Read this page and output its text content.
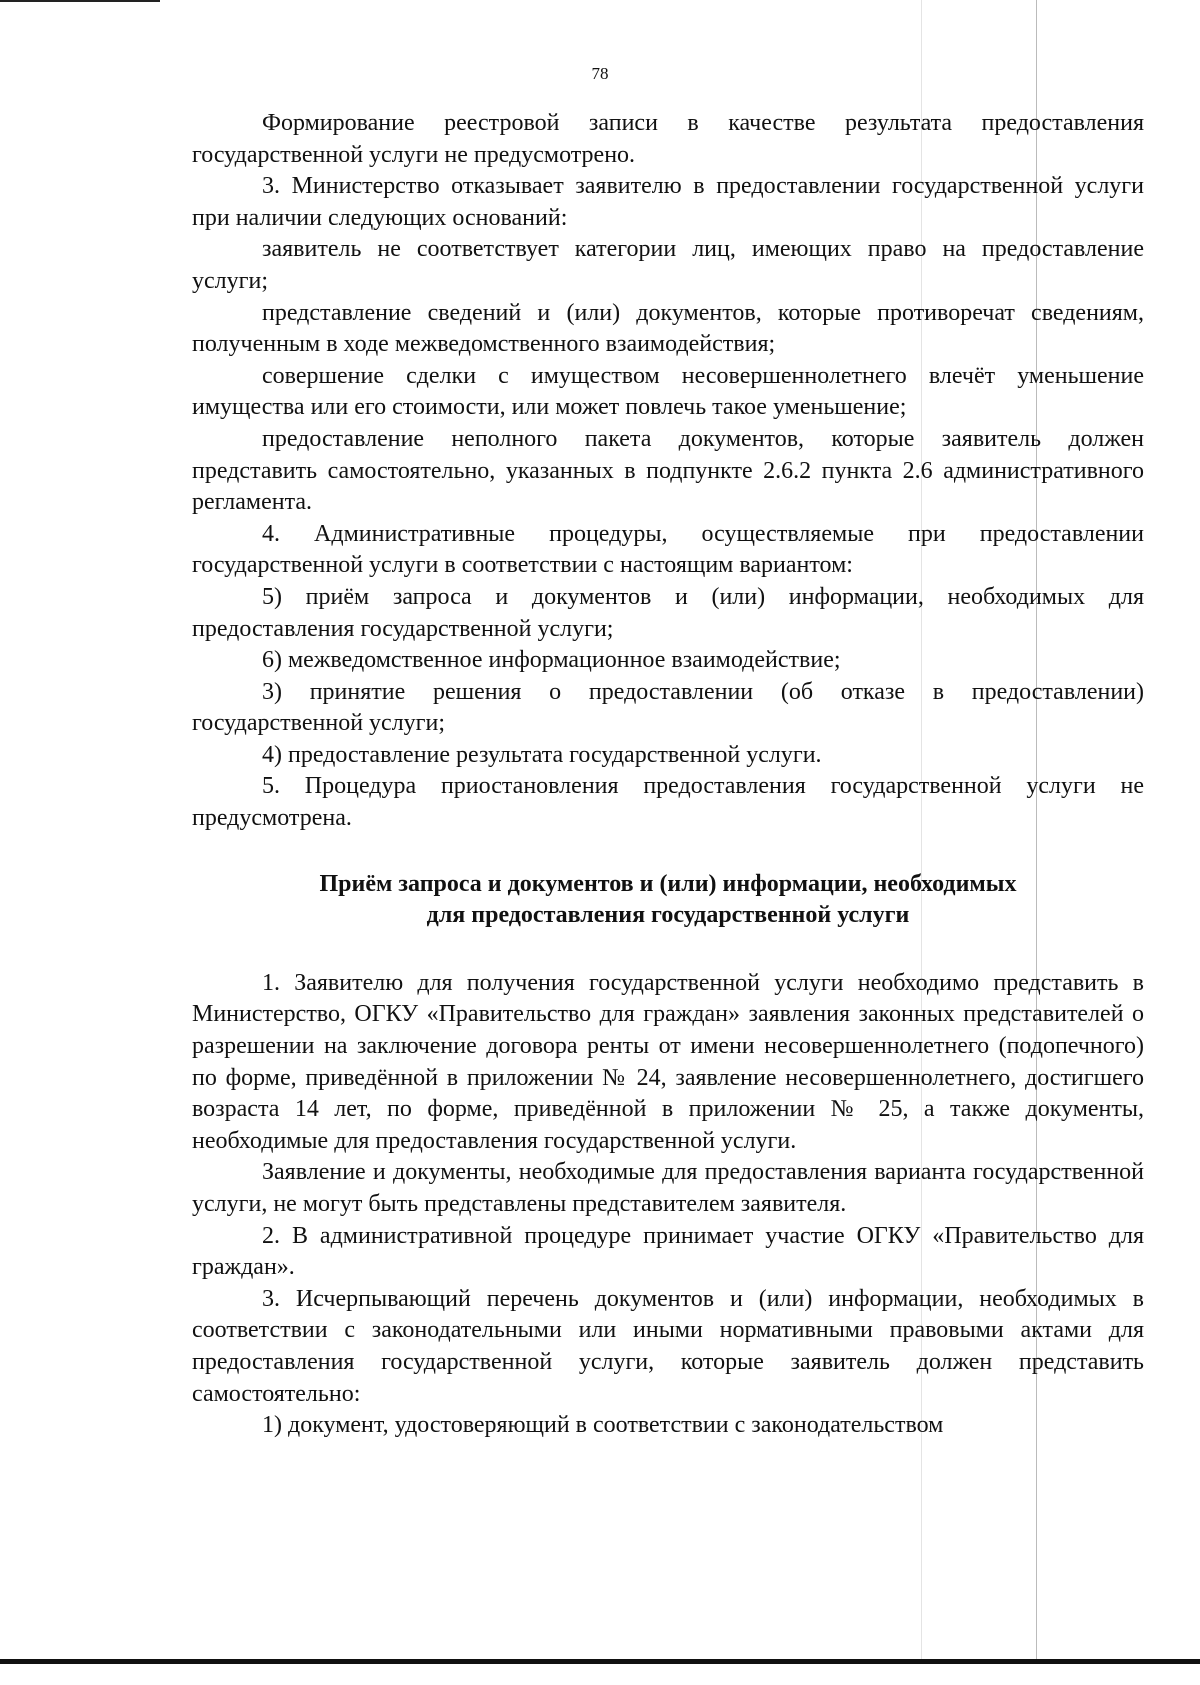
78

Формирование реестровой записи в качестве результата предоставления государственной услуги не предусмотрено.

3. Министерство отказывает заявителю в предоставлении государственной услуги при наличии следующих оснований:

заявитель не соответствует категории лиц, имеющих право на предоставление услуги;

представление сведений и (или) документов, которые противоречат сведениям, полученным в ходе межведомственного взаимодействия;

совершение сделки с имуществом несовершеннолетнего влечёт уменьшение имущества или его стоимости, или может повлечь такое уменьшение;

предоставление неполного пакета документов, которые заявитель должен представить самостоятельно, указанных в подпункте 2.6.2 пункта 2.6 административного регламента.

4. Административные процедуры, осуществляемые при предоставлении государственной услуги в соответствии с настоящим вариантом:

5) приём запроса и документов и (или) информации, необходимых для предоставления государственной услуги;

6) межведомственное информационное взаимодействие;

3) принятие решения о предоставлении (об отказе в предоставлении) государственной услуги;

4) предоставление результата государственной услуги.

5. Процедура приостановления предоставления государственной услуги не предусмотрена.

Приём запроса и документов и (или) информации, необходимых
для предоставления государственной услуги

1. Заявителю для получения государственной услуги необходимо представить в Министерство, ОГКУ «Правительство для граждан» заявления законных представителей о разрешении на заключение договора ренты от имени несовершеннолетнего (подопечного) по форме, приведённой в приложении № 24, заявление несовершеннолетнего, достигшего возраста 14 лет, по форме, приведённой в приложении № 25, а также документы, необходимые для предоставления государственной услуги.

Заявление и документы, необходимые для предоставления варианта государственной услуги, не могут быть представлены представителем заявителя.

2. В административной процедуре принимает участие ОГКУ «Правительство для граждан».

3. Исчерпывающий перечень документов и (или) информации, необходимых в соответствии с законодательными или иными нормативными правовыми актами для предоставления государственной услуги, которые заявитель должен представить самостоятельно:

1) документ, удостоверяющий в соответствии с законодательством
